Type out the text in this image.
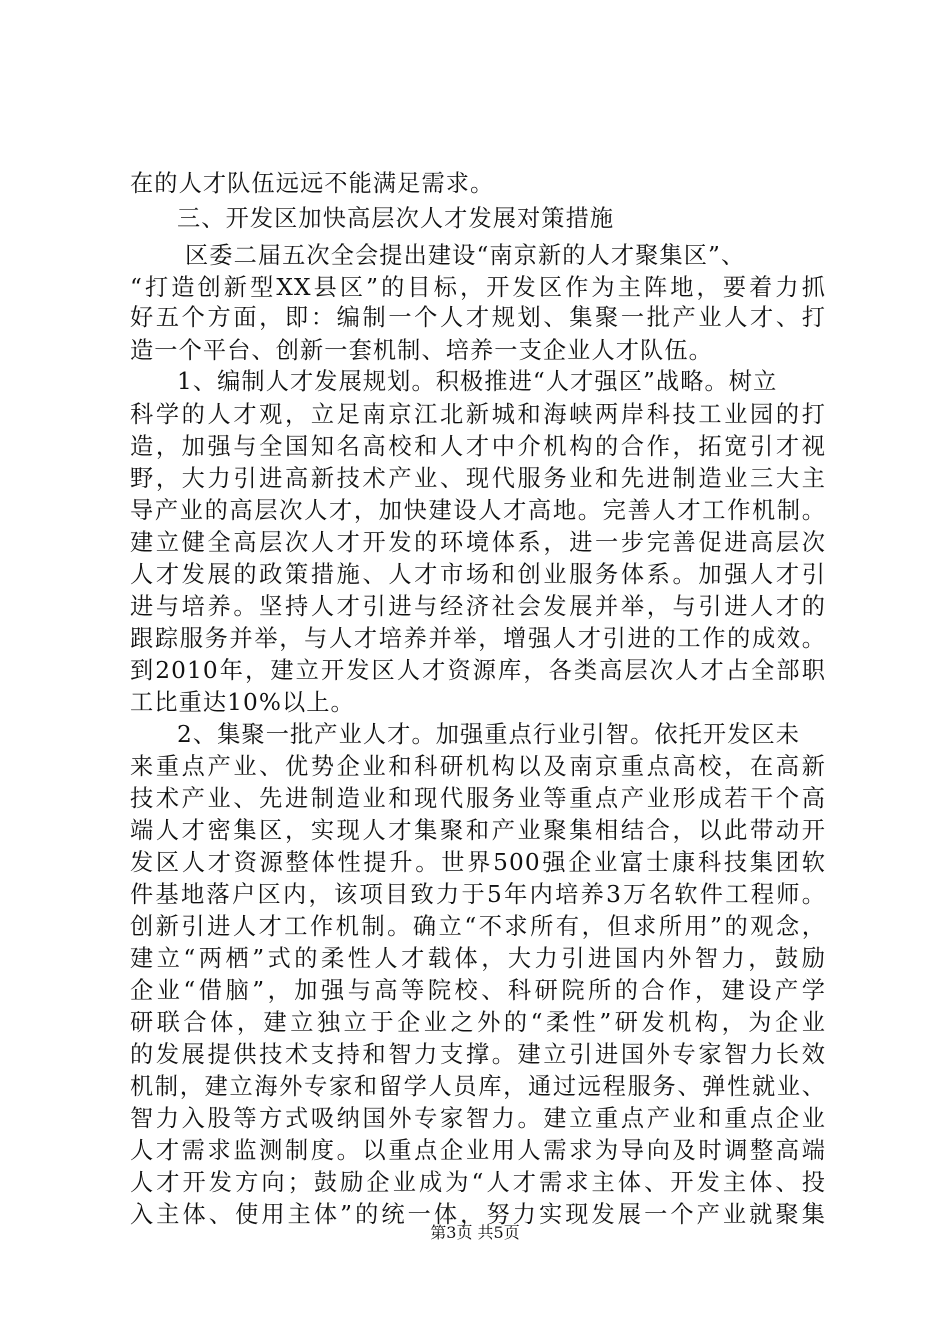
在的人才队伍远远不能满足需求。
三、开发区加快高层次人才发展对策措施
区委二届五次全会提出建设“南京新的人才聚集区”、
“打造创新型XX县区”的目标，开发区作为主阵地，要着力抓
好五个方面，即：编制一个人才规划、集聚一批产业人才、打
造一个平台、创新一套机制、培养一支企业人才队伍。
1、编制人才发展规划。积极推进“人才强区”战略。树立
科学的人才观，立足南京江北新城和海峡两岸科技工业园的打
造，加强与全国知名高校和人才中介机构的合作，拓宽引才视
野，大力引进高新技术产业、现代服务业和先进制造业三大主
导产业的高层次人才，加快建设人才高地。完善人才工作机制。
建立健全高层次人才开发的环境体系，进一步完善促进高层次
人才发展的政策措施、人才市场和创业服务体系。加强人才引
进与培养。坚持人才引进与经济社会发展并举，与引进人才的
跟踪服务并举，与人才培养并举，增强人才引进的工作的成效。
到2010年，建立开发区人才资源库，各类高层次人才占全部职
工比重达10%以上。
2、集聚一批产业人才。加强重点行业引智。依托开发区未
来重点产业、优势企业和科研机构以及南京重点高校，在高新
技术产业、先进制造业和现代服务业等重点产业形成若干个高
端人才密集区，实现人才集聚和产业聚集相结合，以此带动开
发区人才资源整体性提升。世界500强企业富士康科技集团软
件基地落户区内，该项目致力于5年内培养3万名软件工程师。
创新引进人才工作机制。确立“不求所有，但求所用”的观念，
建立“两栖”式的柔性人才载体，大力引进国内外智力，鼓励
企业“借脑”，加强与高等院校、科研院所的合作，建设产学
研联合体，建立独立于企业之外的“柔性”研发机构，为企业
的发展提供技术支持和智力支撑。建立引进国外专家智力长效
机制，建立海外专家和留学人员库，通过远程服务、弹性就业、
智力入股等方式吸纳国外专家智力。建立重点产业和重点企业
人才需求监测制度。以重点企业用人需求为导向及时调整高端
人才开发方向；鼓励企业成为“人才需求主体、开发主体、投
入主体、使用主体”的统一体，努力实现发展一个产业就聚集
第3页 共5页
